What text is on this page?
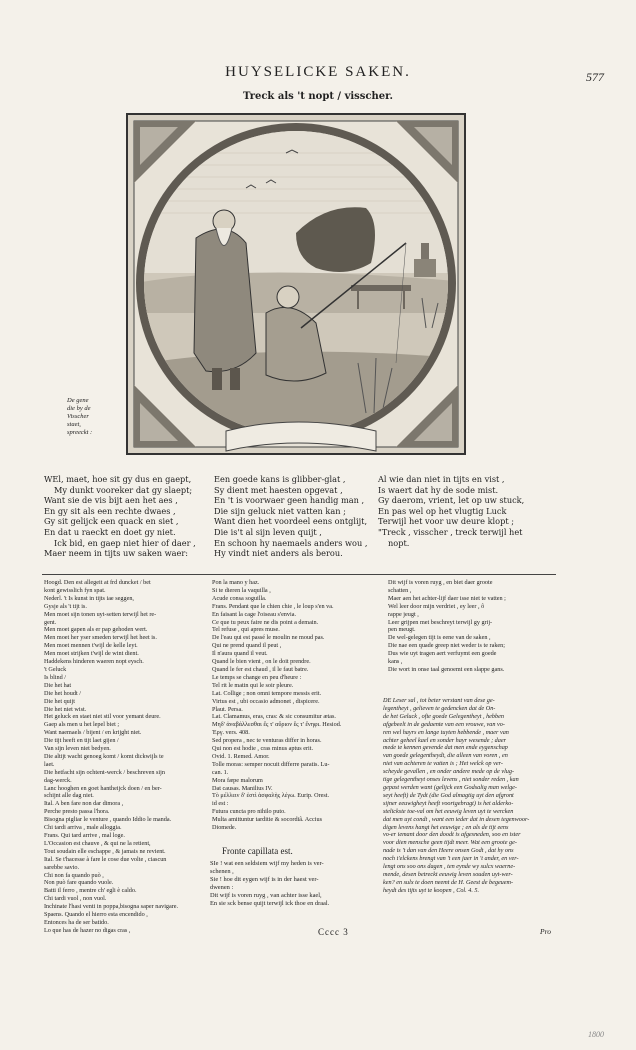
HUYSELICKE SAKEN.	577
Treck als 't nopt / visscher.
De gene
die by de
Visscher
staet,
spreeckt :
WEl, maet, hoe sit gy dus en gaept,
My dunkt vooreker dat gy slaept;
Want sie de vis bijt aen het aes ,
En gy sit als een rechte dwaes ,
Gy sit gelijck een quack en siet ,
En dat u raeckt en doet gy niet.
Ick bid, en gaep niet hier of daer ,
Maer neem in tijts uw saken waer:
Een goede kans is glibber-glat ,
Sy dient met haesten opgevat ,
En 't is voorwaer geen handig man ,
Die sijn geluck niet vatten kan ;
Want dien het voordeel eens ontglijt,
Die is't al sijn leven quijt ,
En schoon hy naemaels anders wou ,
Hy vindt niet anders als berou.
Al wie dan niet in tijts en vist ,
Is waert dat hy de sode mist.
Gy daerom, vrient, let op uw stuck,
En pas wel op het vlugtig Luck
Terwijl het voor uw deure klopt ;
"Treck , visscher , treck terwijl het
nopt.
Hoogd. Den est allegeit at frd duncket / bet
kont gewisslich fyn spat.
Nederl. 't Is kunst in tijts iae seggen,
Gysje als 't tijt is.
Men moet sijn tonen uyt-setten terwijl het re-
gent.
Men moet gapen als er pap gehoden wert.
Men moet her yser smeden terwijl het heet is.
Men moet mennen t'wijl de kelle leyt.
Men moet strijken t'wijl de wint dient.
Haddekens hinderen waeren nopt eysch.
't Geluck
Is blind /
Die het hat
Die het houdt /
Die het quijt
Die het niet wist.
Het geluck en staet niet stil voor yemant deure.
Gaep als men u het lepel biet ;
Want naemaels / bijent / en krijght niet.
Die tijt heeft en tijt laet gijen /
Van sijn leven niet bedyen.
Die altijt wacht genoeg komt / komt dickwijls te
laet.
Die hetfacht sijn ochtent-werck / beschreven sijn
dag-werck.
Lanc hooghen en goet hantheijck doen / en ber-
schijnt alle dag niet.
Ital. A ben fare non dar dimora ,
Perche presto passa l'hora.
Bisogna pigliar le venture , quando Iddio le manda.
Chi tardi arriva , male alloggia.
Frans. Qui tard arrive , mal loge.
L'Occasion est chauve , & qui ne la retient,
Tout soudain elle eschappe , & jamais ne revient.
Ital. Se t'hacesse à fare le cose due volte , ciascun
sarebbe savio.
Chi non fa quando può ,
Non può fare quando vuole.
Batti il ferro , mentre ch' egli è caldo.
Chi tardi vuol , non vuol.
Inchinate l'hasi venti in poppa,bisogna saper navigare.
Spaens. Quando el hierro esta encendido ,
Entonces ha de ser batido.
Lo que has de hazer no digas cras ,
Pon la mano y haz.
Si te dieren la vaquilla ,
Acude consa soguilla.
Frans. Pendant que le chien chie , le loup s'en va.
En faisant la cage l'oiseau s'envia.
Ce que tu peux faire ne dis point a demain.
Tel refuse , qui apres muse.
De l'eau qui est passé le moulin ne moud pas.
Qui ne prend quand il peut ,
Il n'aura quand il veut.
Quand le bien vient , on le doit prendre.
Quand le fer est chaud , il le faut batre.
Le temps se change en peu d'heure :
Tel rit le matin qui le soir pleure.
Lat. Collige ; non omni tempore messis erit.
Virtus est , ubi occasio admonet , dispicere.
Plaut. Persa.
Lat. Clamamus, eras, cras: & sic consumitur ætas.
Μηδ' ἀναβάλλεσθαι ἔς τ' αὔριον ἔς τ' ἔνηφι. Hesiod.
Ἐργ. vers. 408.
Sed propera , nec te venturas differ in horas.
Qui non est hodie , cras minus aptus erit.
Ovid. 1. Remed. Amor.
Tolle moras: semper nocuit differre paratis. Lu-
can. 1.
Mora fæpe malorum
Dat causas. Manilius IV.
Τὸ μέλλειν δ' ἐστὶ ἀσφαλὴς λέγω. Eurip. Orest.
id est :
Futura cuncta pro nihilo puto.
Multa amittuntur tarditie & socordiâ. Accius
Diomede.
Dit wijf is voren ruyg , en biet daer groote
schatten ,
Maer aen het achter-lijf daer isse niet te vatten ;
Wel leer door mijn verdriet , ey leer , ô
rappe jeugt ,
Leer grijpen met beschreyt terwijl gy grij-
pen meugt.
De wel-gelegen tijt is eene van de saken ,
Die nae een quade greep niet weder is te raken;
Dus wie uyt tragen aert verfuymt een goede
kans ,
Die wort in onse taal genoemt een slappe gans.
DE Leser sal , tot beter verstant van dese ge-
legentheyt , gelieven te gedencken dat de On-
de het Geluck , ofte goede Gelegentheyt , hebben
afgebeelt in de gedaente van een vrouwe, van vo-
ren wel hayrs en lange tuyten hebbende , maer van
achter geheel kael en sonder hayr wesende ; daer
mede te kennen gevende dat men ende eygenschap
van goede gelegentheydt, die alleen van voren , en
niet van achteren te vatten is ; Het welck op ver-
scheyde gevallen , en onder andere mede op de vlug-
tige gelegentheyt onses levens , niet sonder reden , kan
gepast werden want (gelijck een Godsalig man welge-
seyt heeft) de Tydt (die God almagtig uyt den afgront
sijner eeuwigheyt heeft voortgebragt) is het alderko-
stelickste toe-val om het eeuwig leven uyt te wercken
dat men uyt condt , want een ieder dat in desen tegenwoor-
digen levens hangt het eeuwige ; en als de tijt eens
vo-er iemant door den doodt is afgesneden, soo en ister
voor dien mensche geen tijdt meer. Wat een groote ge-
nade is 't dan van den Heere onsen Godt , dat hy ons
noch t'elckens brengt van 't een jaer in 't ander, en ver-
lengt ons soo ons dagen , ten eynde wy sulcx waerne-
mende, desen betreckt eeuwig leven souden uyt-wer-
ken? en sulx te doen neemt de H. Geest de begeuem-
heydt des tijts uyt te koopen , Col. 4. 5.
Fronte capillata est.
SIe ! wat een seldsiem wijf my heden is ver-
schenen ,
Sie ! hoe dit eygen wijf is in der haest ver-
dwenen :
Dit wijf is voren ruyg , van achter isse kael,
En sie sck bense quijt terwijl ick thoe en draal.
Cccc 3	Pro
1800
